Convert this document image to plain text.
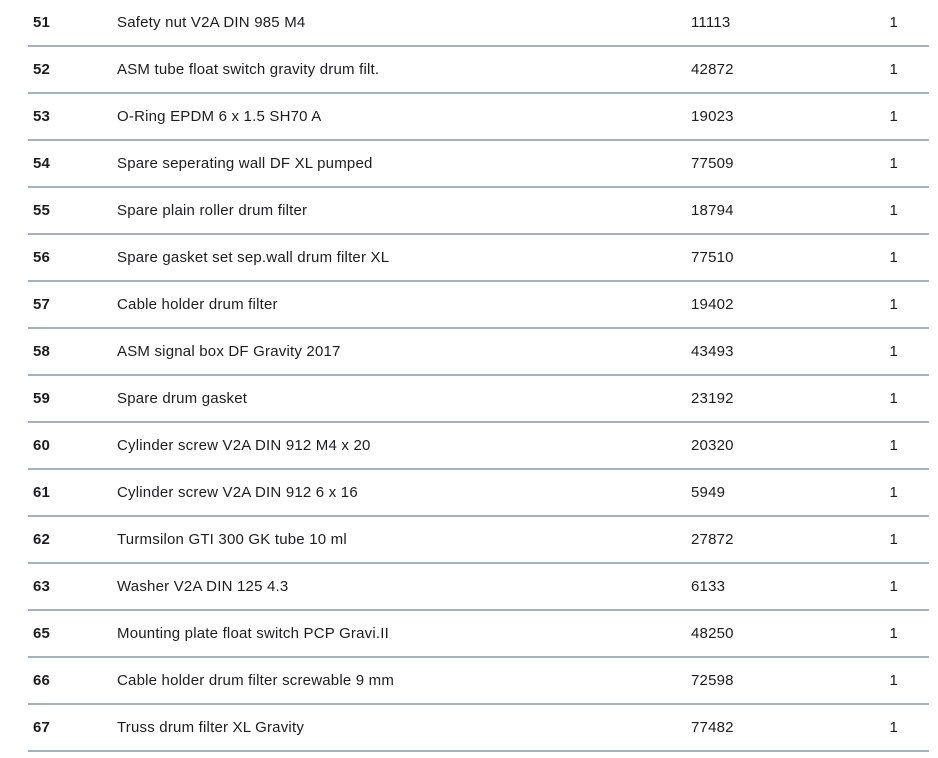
51	Safety nut V2A DIN 985 M4	11113	1
52	ASM tube float switch gravity drum filt.	42872	1
53	O-Ring EPDM 6 x 1.5 SH70 A	19023	1
54	Spare seperating wall DF XL pumped	77509	1
55	Spare plain roller drum filter	18794	1
56	Spare gasket set sep.wall drum filter XL	77510	1
57	Cable holder drum filter	19402	1
58	ASM signal box DF Gravity 2017	43493	1
59	Spare drum gasket	23192	1
60	Cylinder screw V2A DIN 912 M4 x 20	20320	1
61	Cylinder screw V2A DIN 912 6 x 16	5949	1
62	Turmsilon GTI 300 GK tube 10 ml	27872	1
63	Washer V2A DIN 125 4.3	6133	1
65	Mounting plate float switch PCP Gravi.II	48250	1
66	Cable holder drum filter screwable 9 mm	72598	1
67	Truss drum filter XL Gravity	77482	1
